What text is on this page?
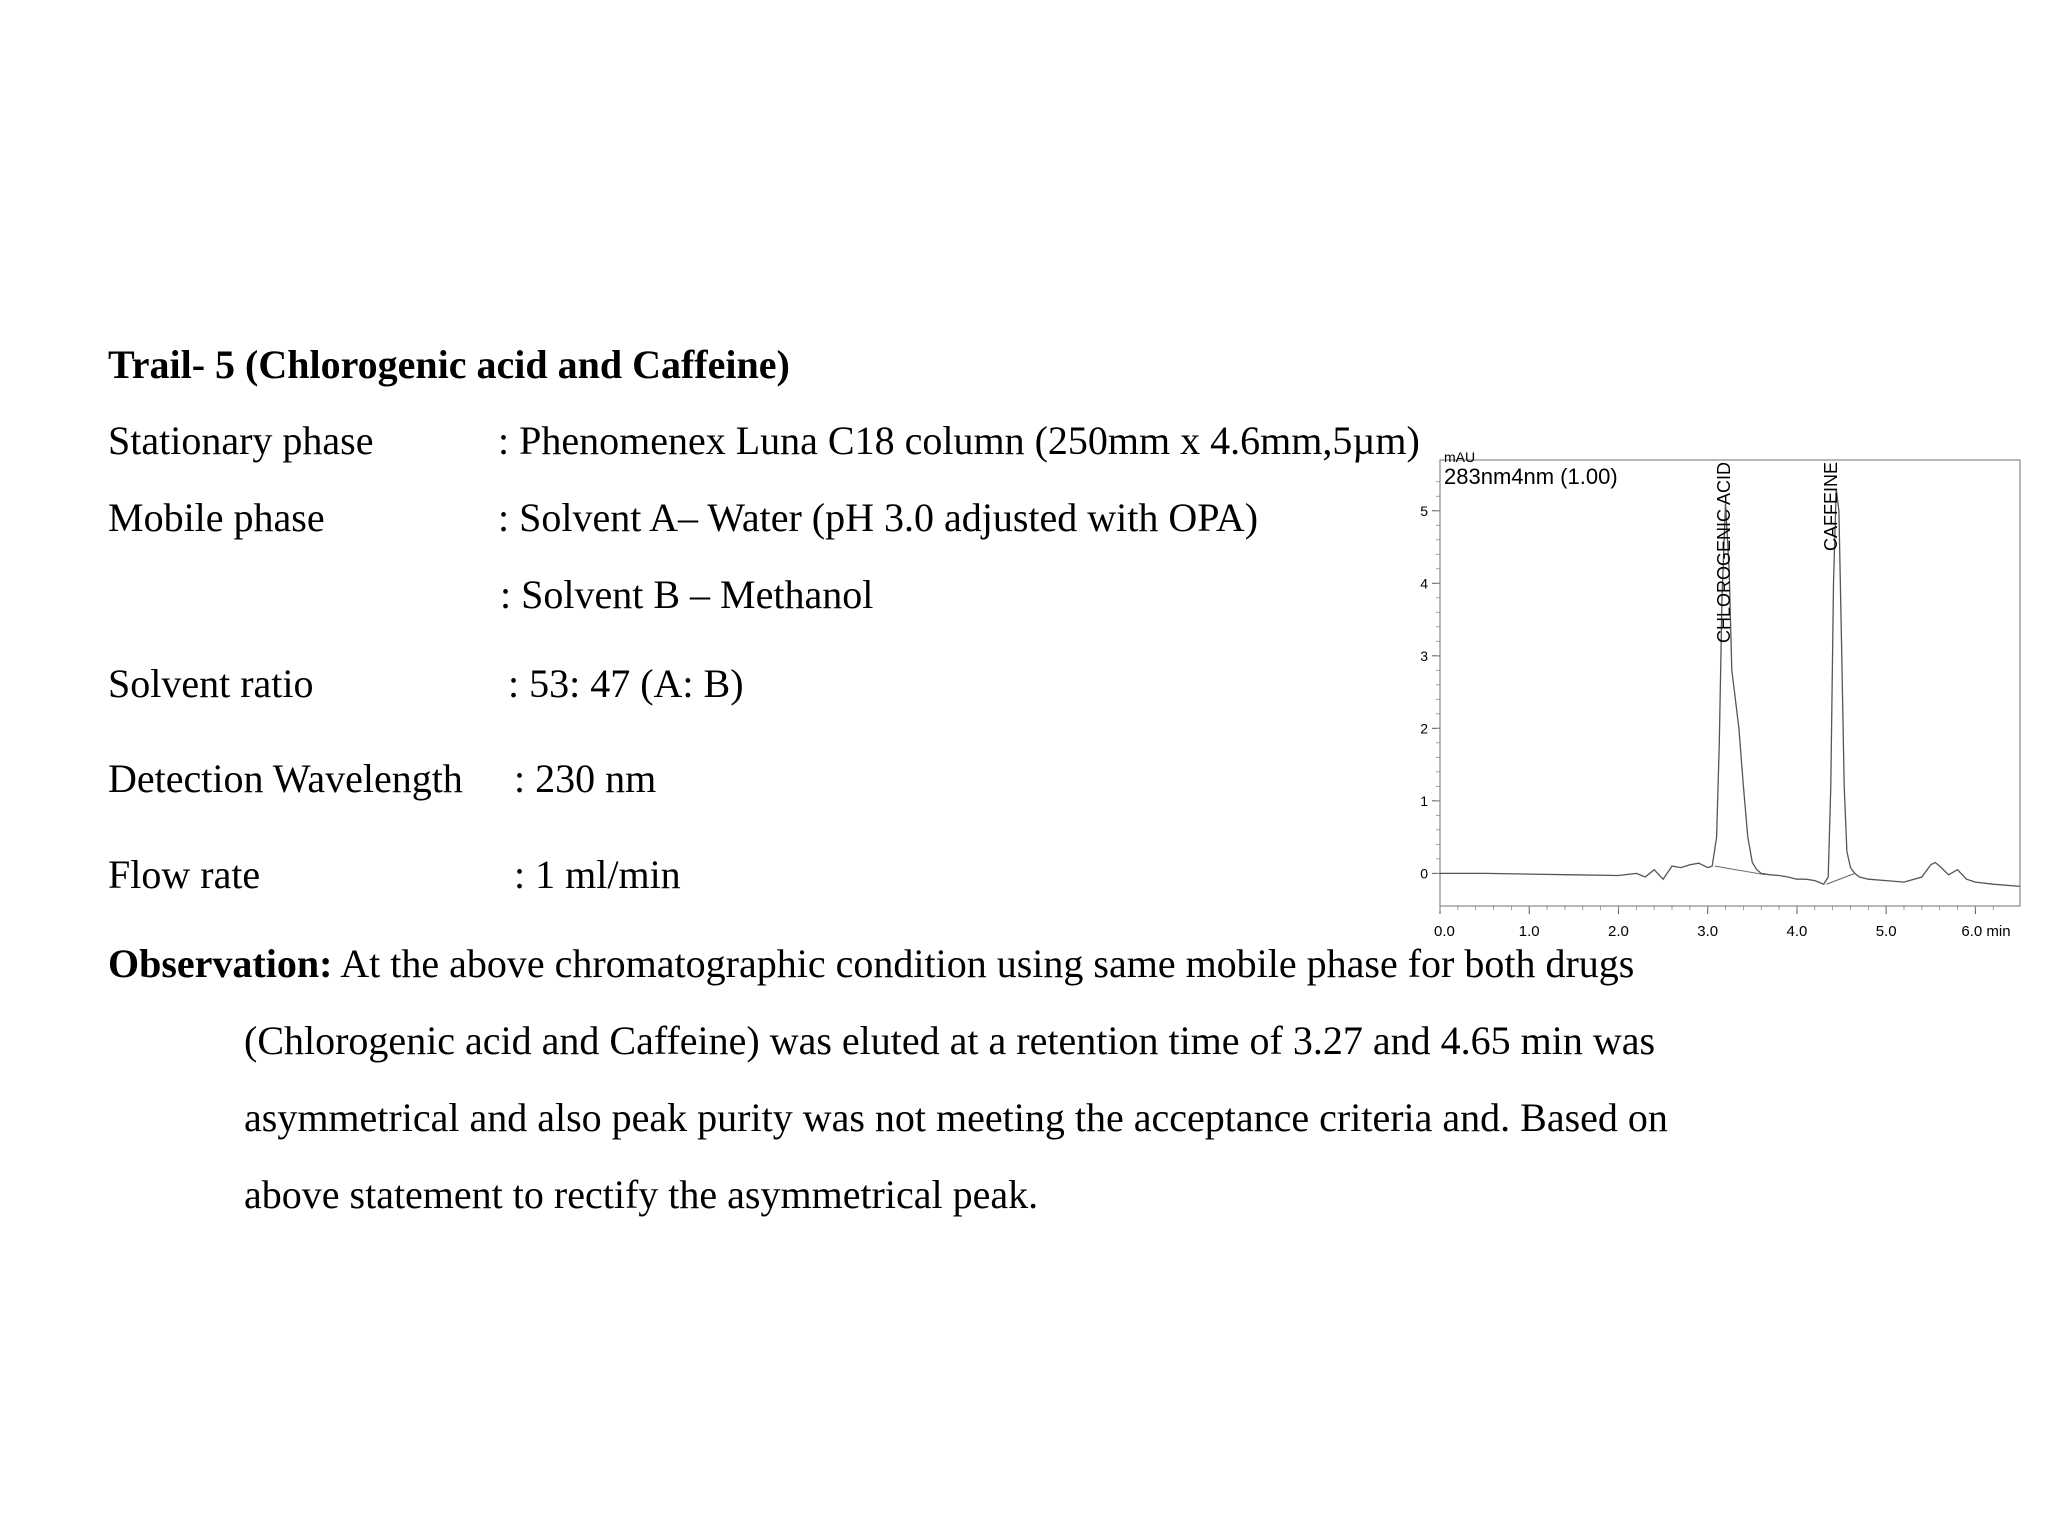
Trail- 5 (Chlorogenic acid and Caffeine)
Stationary phase	: Phenomenex Luna C18 column (250mm x 4.6mm,5µm)
Mobile phase	: Solvent A– Water (pH 3.0 adjusted with OPA)
: Solvent B – Methanol
Solvent ratio	: 53: 47 (A: B)
Detection Wavelength : 230 nm
Flow rate	: 1 ml/min
Observation: At the above chromatographic condition using same mobile phase for both drugs
(Chlorogenic acid and Caffeine) was eluted at a retention time of 3.27 and 4.65 min was
asymmetrical and also peak purity was not meeting the acceptance criteria and. Based on
above statement to rectify the asymmetrical peak.
mAU
283nm4nm (1.00)
0
1
2
3
4
5
0.0	1.0	2.0	3.0	4.0	5.0	6.0 min
CHLOROGENIC ACID	CAFFEINE
